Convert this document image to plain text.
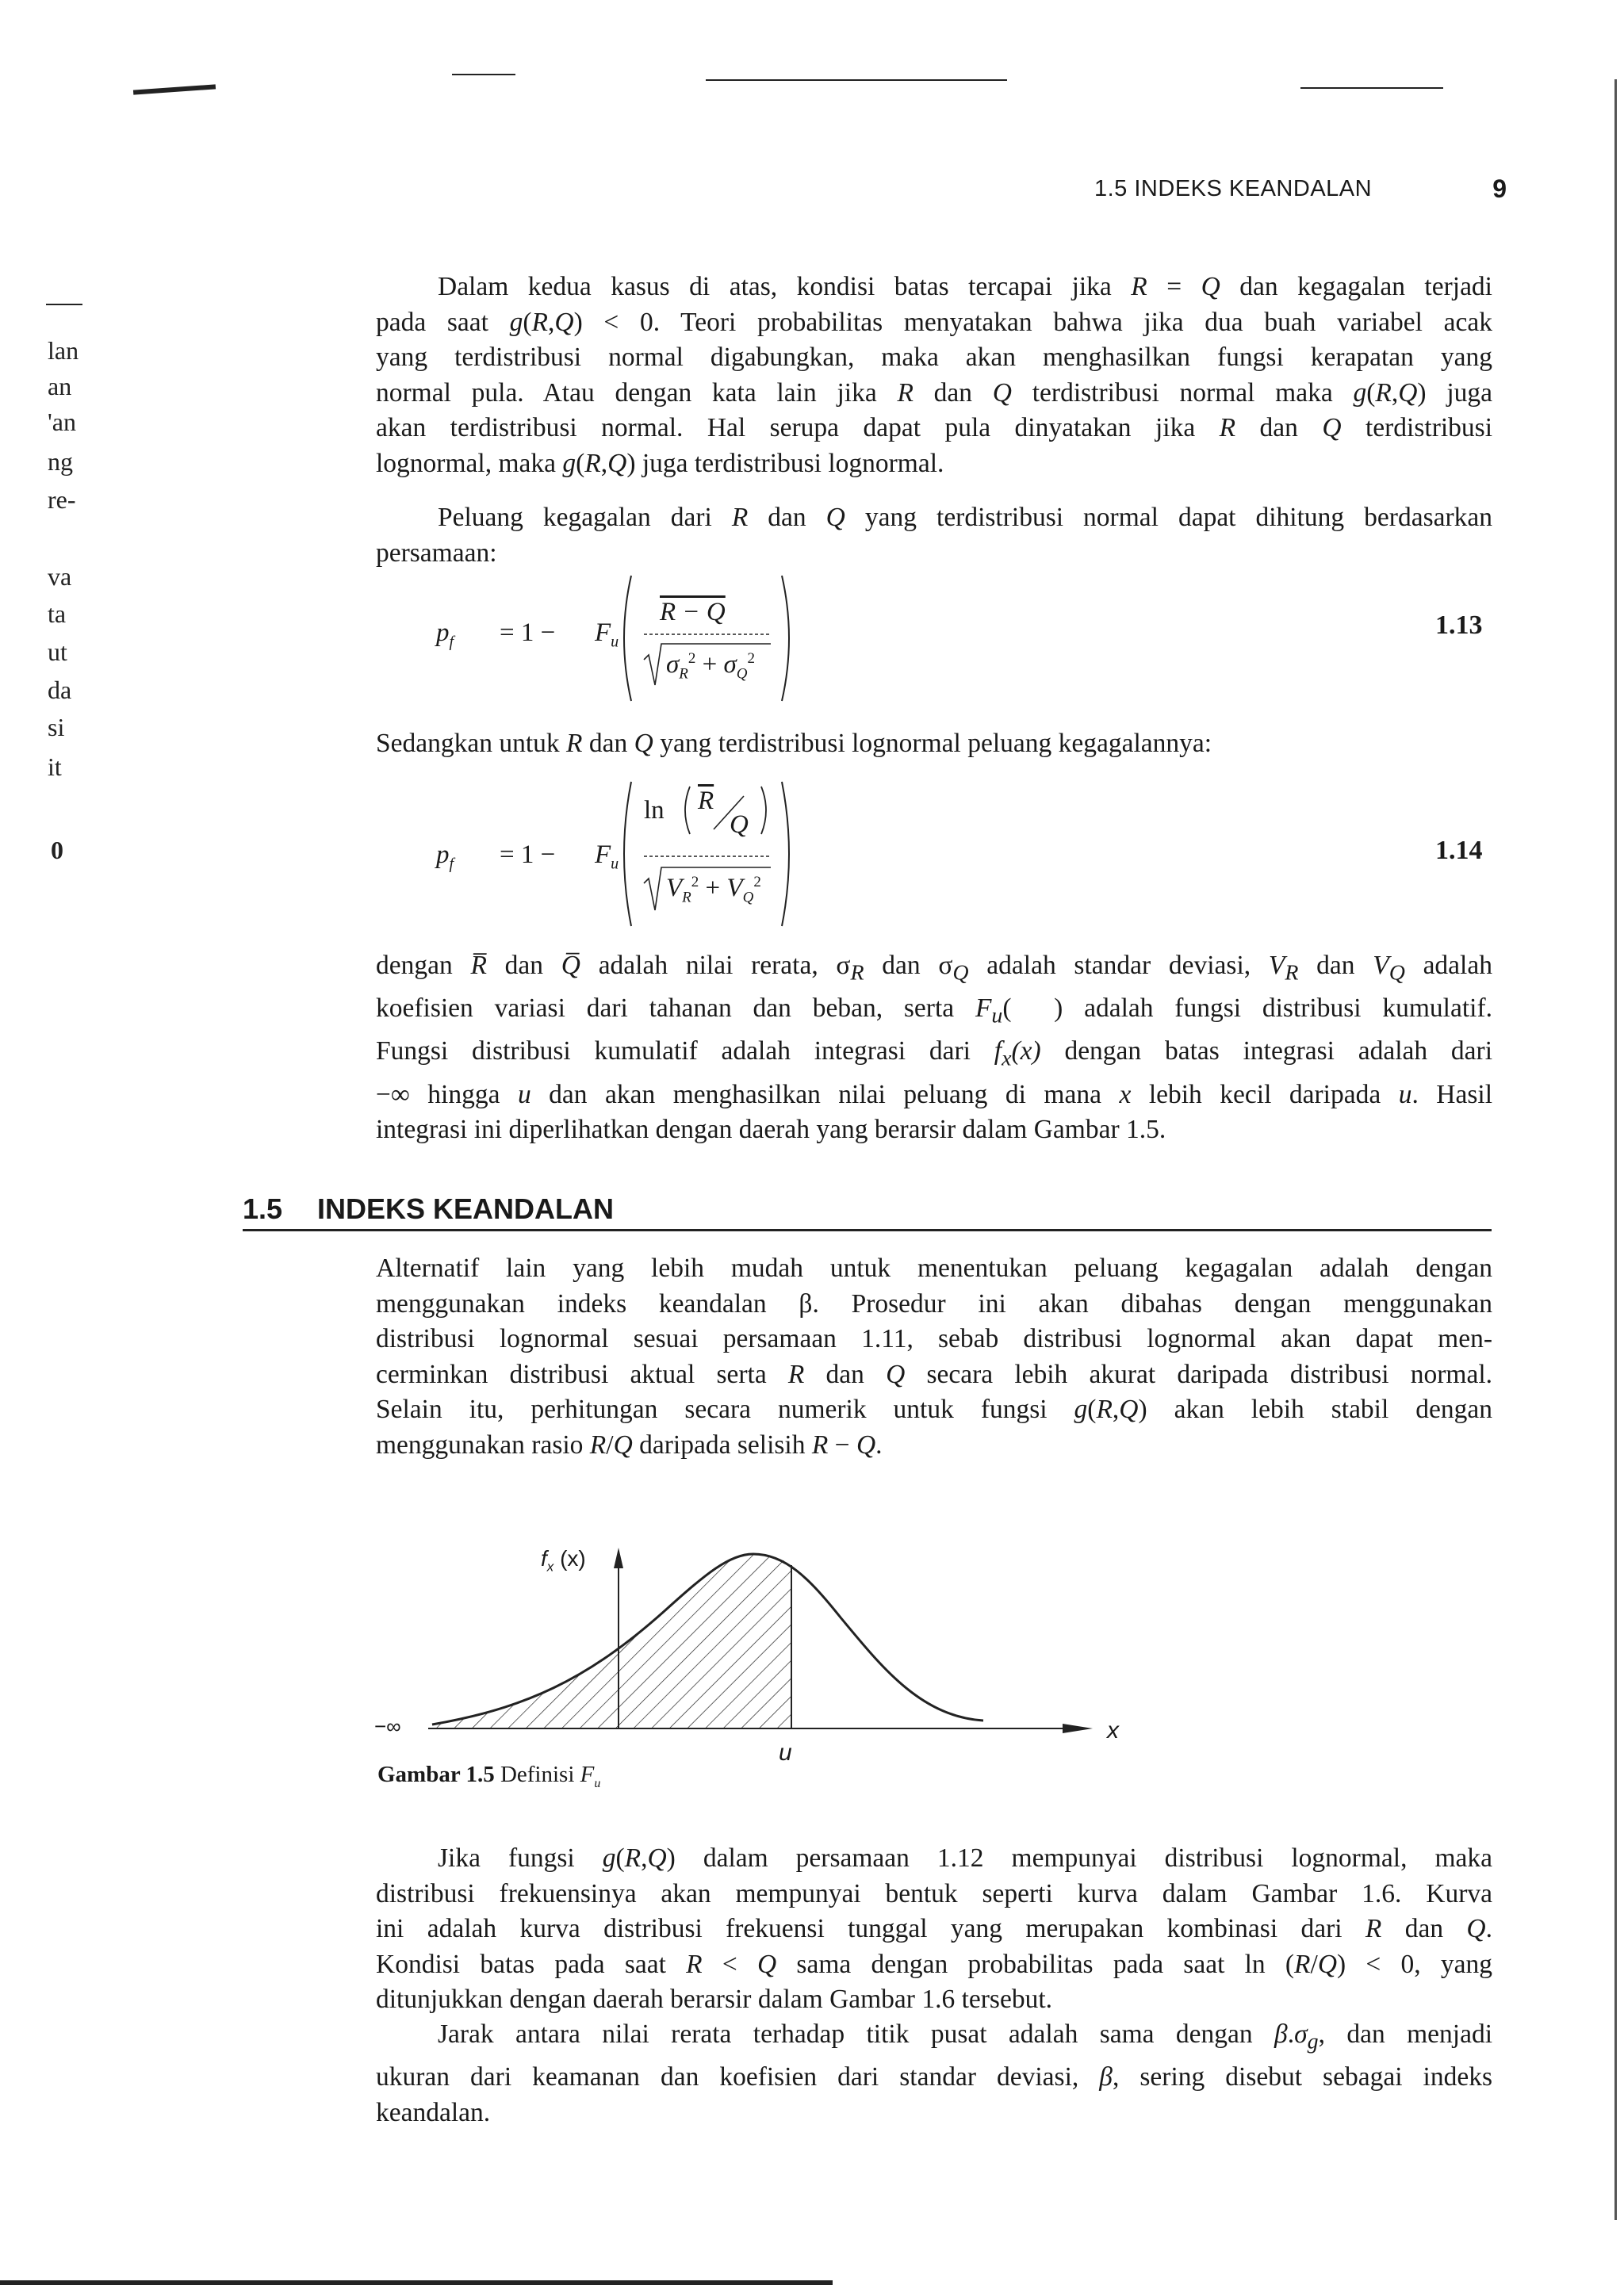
1.5 INDEKS KEANDALAN	9
lan
an
'an
ng
re-
va
ta
ut
da
si
it
0
Dalam kedua kasus di atas, kondisi batas tercapai jika R = Q dan kegagalan terjadi
pada saat g(R,Q) < 0. Teori probabilitas menyatakan bahwa jika dua buah variabel acak
yang terdistribusi normal digabungkan, maka akan menghasilkan fungsi kerapatan yang
normal pula. Atau dengan kata lain jika R dan Q terdistribusi normal maka g(R,Q) juga
akan terdistribusi normal. Hal serupa dapat pula dinyatakan jika R dan Q terdistribusi
lognormal, maka g(R,Q) juga terdistribusi lognormal.
Peluang kegagalan dari R dan Q yang terdistribusi normal dapat dihitung berdasarkan
persamaan:
$p_f = 1 - F_u$
R − Q
$\sigma_R^2 + \sigma_Q^2$
1.13
Sedangkan untuk R dan Q yang terdistribusi lognormal peluang kegagalannya:
$p_f = 1 - F_u$
$\ln \overline{R}$
Q
$V_R^2 + V_Q^2$
1.14
dengan R̅ dan Q̅ adalah nilai rerata, $\sigma_R$ dan $\sigma_Q$ adalah standar deviasi, $V_R$ dan $V_Q$ adalah
koefisien variasi dari tahanan dan beban, serta $F_u$(  ) adalah fungsi distribusi kumulatif.
Fungsi distribusi kumulatif adalah integrasi dari $f_x(x)$ dengan batas integrasi adalah dari
−∞ hingga u dan akan menghasilkan nilai peluang di mana x lebih kecil daripada u. Hasil
integrasi ini diperlihatkan dengan daerah yang berarsir dalam Gambar 1.5.
1.5 INDEKS KEANDALAN
Alternatif lain yang lebih mudah untuk menentukan peluang kegagalan adalah dengan
menggunakan indeks keandalan β. Prosedur ini akan dibahas dengan menggunakan
distribusi lognormal sesuai persamaan 1.11, sebab distribusi lognormal akan dapat men-
cerminkan distribusi aktual serta R dan Q secara lebih akurat daripada distribusi normal.
Selain itu, perhitungan secara numerik untuk fungsi g(R,Q) akan lebih stabil dengan
menggunakan rasio R/Q daripada selisih R − Q.
$f_x$ (x)
−∞
u
x
Gambar 1.5 Definisi $F_u$
Jika fungsi g(R,Q) dalam persamaan 1.12 mempunyai distribusi lognormal, maka
distribusi frekuensinya akan mempunyai bentuk seperti kurva dalam Gambar 1.6. Kurva
ini adalah kurva distribusi frekuensi tunggal yang merupakan kombinasi dari R dan Q.
Kondisi batas pada saat R < Q sama dengan probabilitas pada saat ln (R/Q) < 0, yang
ditunjukkan dengan daerah berarsir dalam Gambar 1.6 tersebut.
Jarak antara nilai rerata terhadap titik pusat adalah sama dengan $\beta.\sigma_g$, dan menjadi
ukuran dari keamanan dan koefisien dari standar deviasi, β, sering disebut sebagai indeks
keandalan.
